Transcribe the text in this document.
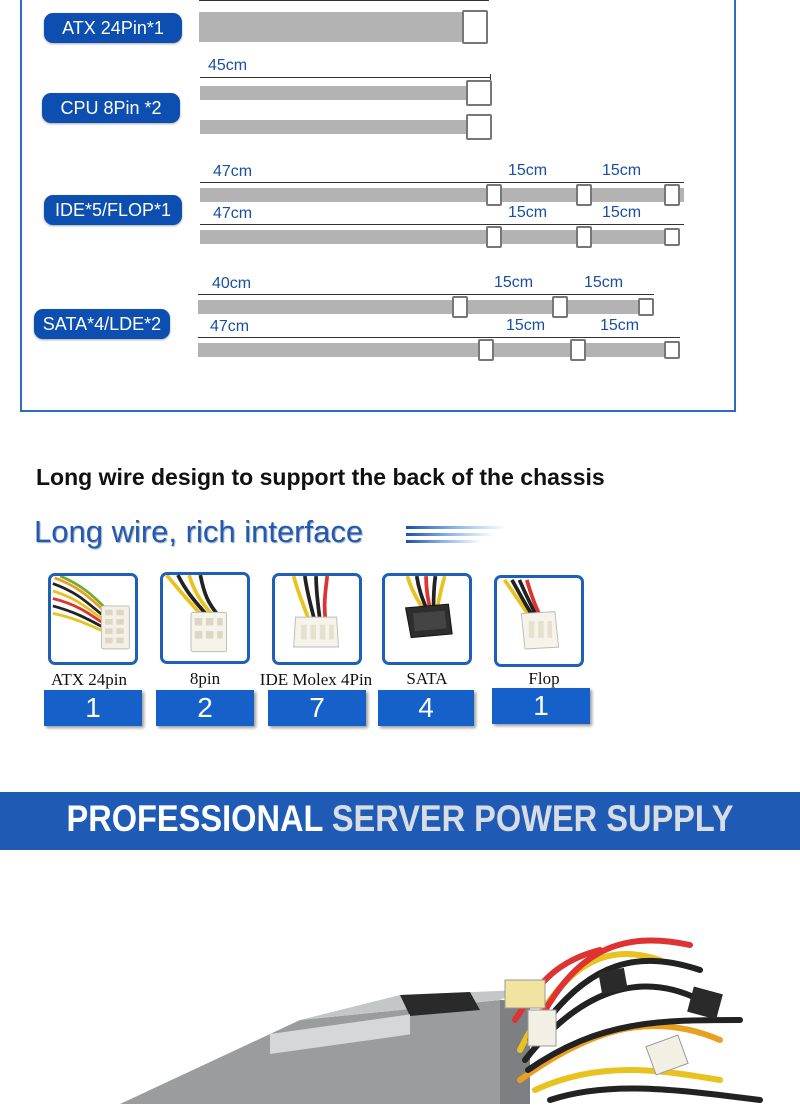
ATX 24Pin*1
CPU 8Pin *2
45cm
IDE*5/FLOP*1
47cm	15cm	15cm
47cm	15cm	15cm
SATA*4/LDE*2
40cm	15cm	15cm
47cm	15cm	15cm
Long wire design to support the back of the chassis
Long wire, rich interface
ATX 24pin
1
8pin
2
IDE Molex 4Pin
7
SATA
4
Flop
1
PROFESSIONAL SERVER POWER SUPPLY
